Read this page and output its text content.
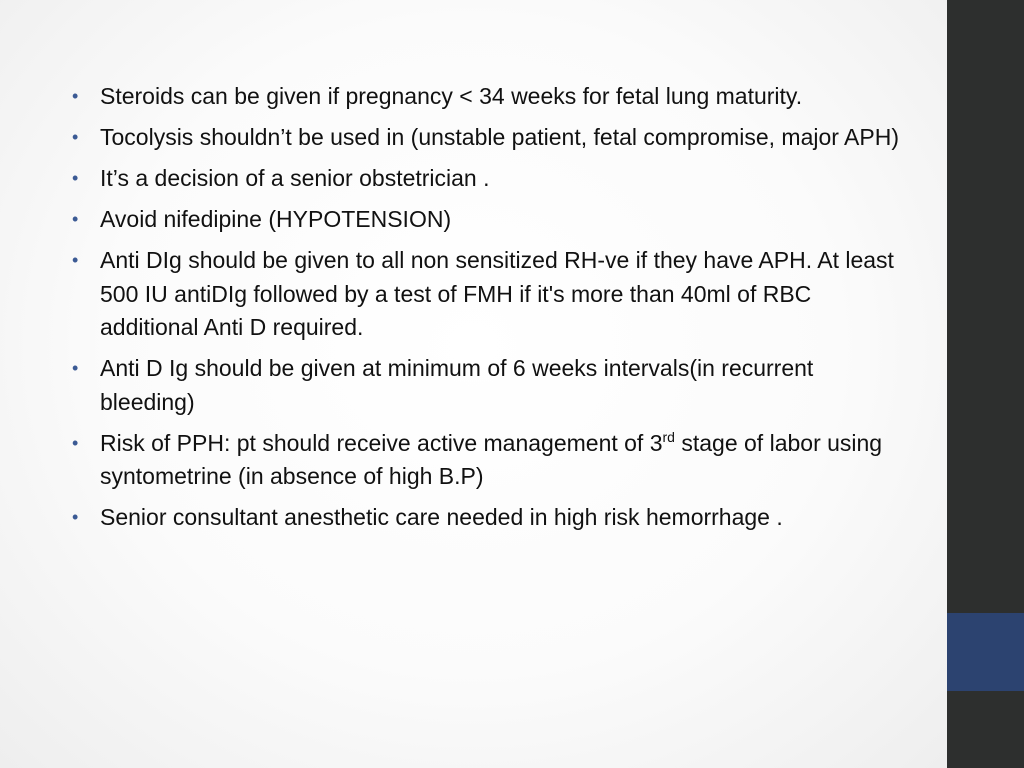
• Steroids can be given if pregnancy < 34 weeks for fetal lung maturity.
• Tocolysis shouldn’t be used in (unstable patient, fetal compromise, major APH)
• It’s a decision of a senior obstetrician .
• Avoid nifedipine (HYPOTENSION)
• Anti DIg should be given to all non sensitized RH-ve if they have APH. At least 500 IU antiDIg followed by a test of FMH if it's more than 40ml of RBC additional Anti D required.
• Anti D Ig should be given at minimum of 6 weeks intervals(in recurrent bleeding)
• Risk of PPH: pt should receive active management of 3rd stage of labor using syntometrine (in absence of high B.P)
• Senior consultant anesthetic care needed in high risk hemorrhage .
